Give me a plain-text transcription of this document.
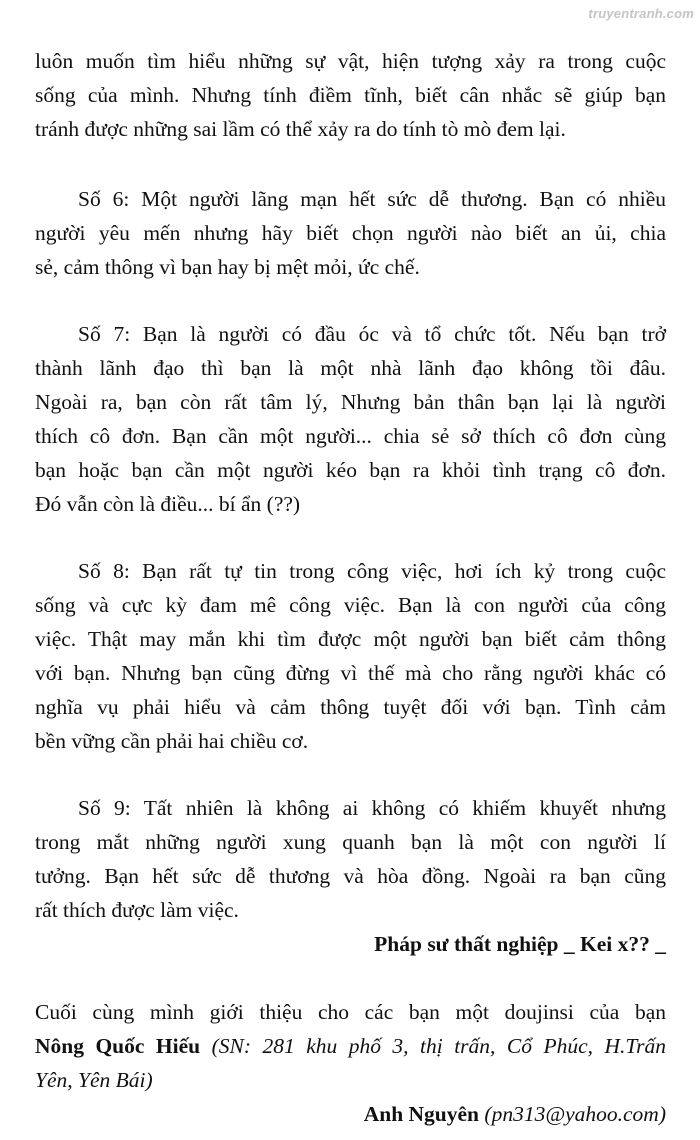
truyentranh.com
luôn muốn tìm hiểu những sự vật, hiện tượng xảy ra trong cuộc
sống của mình. Nhưng tính điềm tĩnh, biết cân nhắc sẽ giúp bạn
tránh được những sai lầm có thể xảy ra do tính tò mò đem lại.
Số 6: Một người lãng mạn hết sức dễ thương. Bạn có nhiều
người yêu mến nhưng hãy biết chọn người nào biết an ủi, chia
sẻ, cảm thông vì bạn hay bị mệt mỏi, ức chế.
Số 7: Bạn là người có đầu óc và tổ chức tốt. Nếu bạn trở
thành lãnh đạo thì bạn là một nhà lãnh đạo không tồi đâu.
Ngoài ra, bạn còn rất tâm lý, Nhưng bản thân bạn lại là người
thích cô đơn. Bạn cần một người... chia sẻ sở thích cô đơn cùng
bạn hoặc bạn cần một người kéo bạn ra khỏi tình trạng cô đơn.
Đó vẫn còn là điều... bí ẩn (??)
Số 8: Bạn rất tự tin trong công việc, hơi ích kỷ trong cuộc
sống và cực kỳ đam mê công việc. Bạn là con người của công
việc. Thật may mắn khi tìm được một người bạn biết cảm thông
với bạn. Nhưng bạn cũng đừng vì thế mà cho rằng người khác có
nghĩa vụ phải hiểu và cảm thông tuyệt đối với bạn. Tình cảm
bền vững cần phải hai chiều cơ.
Số 9: Tất nhiên là không ai không có khiếm khuyết nhưng
trong mắt những người xung quanh bạn là một con người lí
tưởng. Bạn hết sức dễ thương và hòa đồng. Ngoài ra bạn cũng
rất thích được làm việc.
Pháp sư thất nghiệp _ Kei x?? _
Cuối cùng mình giới thiệu cho các bạn một doujinsi của bạn
Nông Quốc Hiếu (SN: 281 khu phố 3, thị trấn, Cổ Phúc, H.Trấn
Yên, Yên Bái)
Anh Nguyên (pn313@yahoo.com)
